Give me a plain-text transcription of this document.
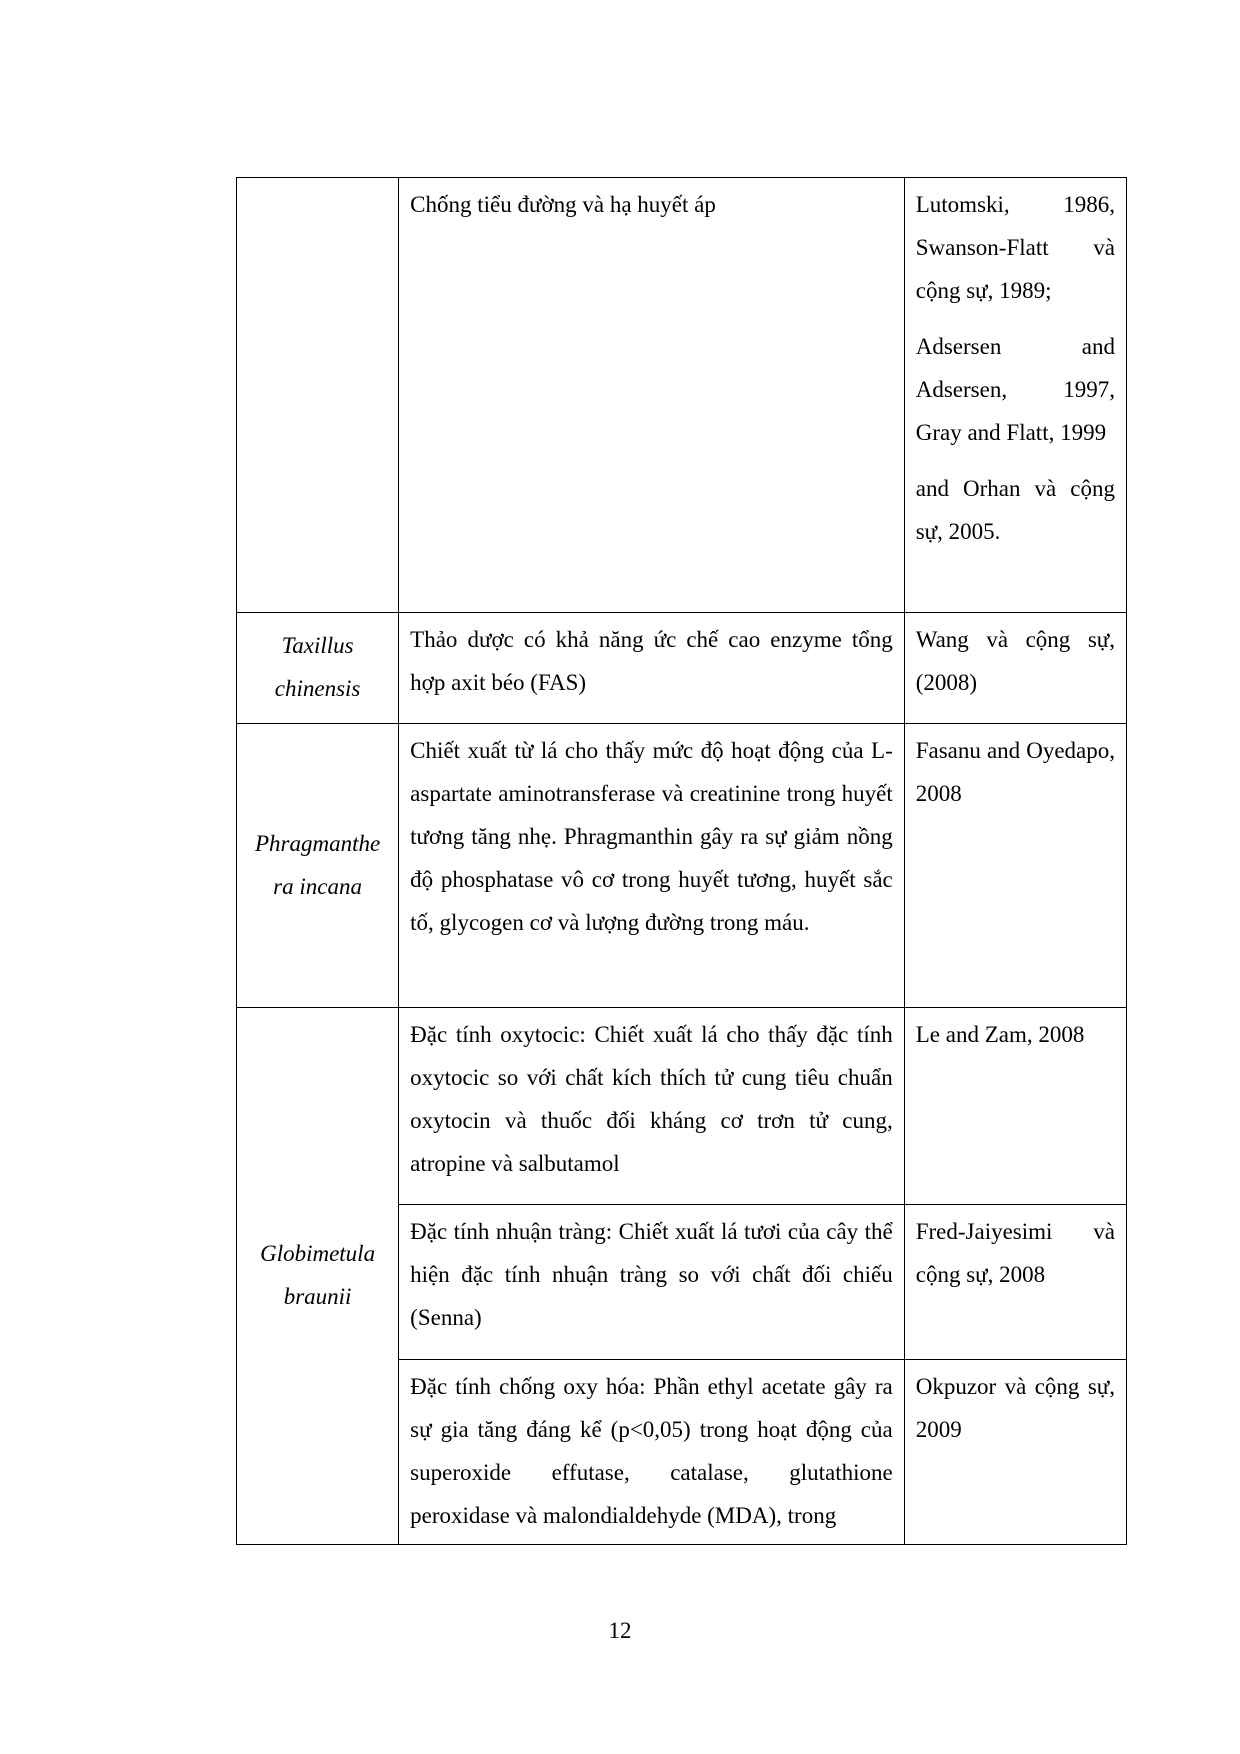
	Chống tiểu đường và hạ huyết áp	Lutomski, 1986, Swanson-Flatt và cộng sự, 1989;

Adsersen and Adsersen, 1997, Gray and Flatt, 1999

and Orhan và cộng sự, 2005.

Taxillus chinensis	Thảo dược có khả năng ức chế cao enzyme tổng hợp axit béo (FAS)	Wang và cộng sự, (2008)

Phragmanthe ra incana	Chiết xuất từ lá cho thấy mức độ hoạt động của L-aspartate aminotransferase và creatinine trong huyết tương tăng nhẹ. Phragmanthin gây ra sự giảm nồng độ phosphatase vô cơ trong huyết tương, huyết sắc tố, glycogen cơ và lượng đường trong máu.	Fasanu and Oyedapo, 2008

Globimetula braunii	Đặc tính oxytocic: Chiết xuất lá cho thấy đặc tính oxytocic so với chất kích thích tử cung tiêu chuẩn oxytocin và thuốc đối kháng cơ trơn tử cung, atropine và salbutamol	Le and Zam, 2008

	Đặc tính nhuận tràng: Chiết xuất lá tươi của cây thể hiện đặc tính nhuận tràng so với chất đối chiếu (Senna)	Fred-Jaiyesimi và cộng sự, 2008

	Đặc tính chống oxy hóa: Phần ethyl acetate gây ra sự gia tăng đáng kể (p<0,05) trong hoạt động của superoxide effutase, catalase, glutathione peroxidase và malondialdehyde (MDA), trong	Okpuzor và cộng sự, 2009

12
